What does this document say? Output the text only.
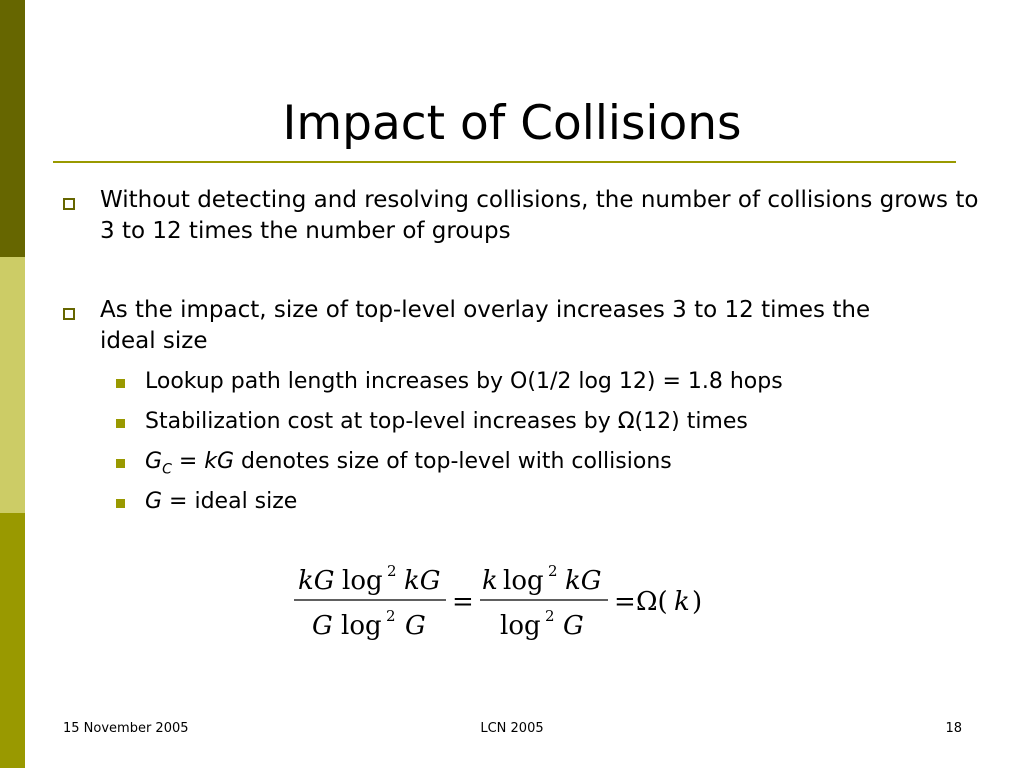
Impact of Collisions
Without detecting and resolving collisions, the number of collisions grows to 3 to 12 times the number of groups
As the impact, size of top-level overlay increases 3 to 12 times the ideal size
Lookup path length increases by O(1/2 log 12) = 1.8 hops
Stabilization cost at top-level increases by Ω(12) times
$G_C$ = kG denotes size of top-level with collisions
G = ideal size
kG log 2 kG
G log 2 G
=
k log 2 kG
log 2 G
= Ω( k )
15 November 2005	LCN 2005	18
